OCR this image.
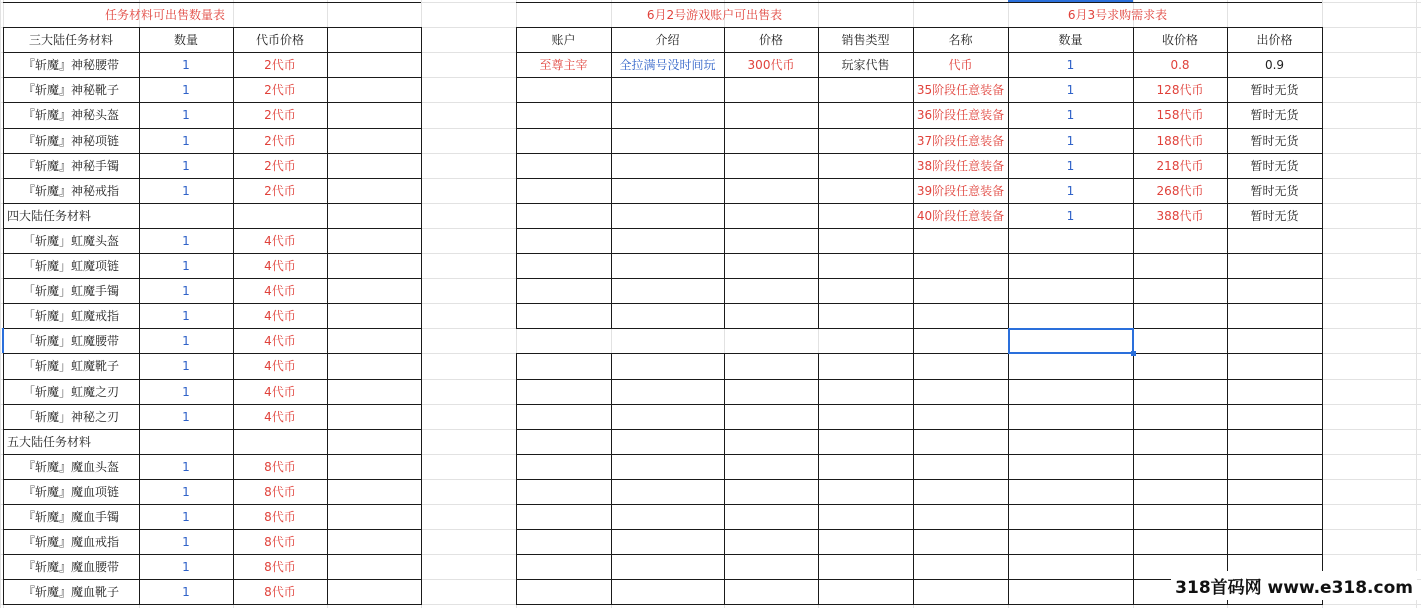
任务材料可出售数量表
三大陆任务材料	数量	代币价格
『斩魔』神秘腰带	1	2代币
『斩魔』神秘靴子	1	2代币
『斩魔』神秘头盔	1	2代币
『斩魔』神秘项链	1	2代币
『斩魔』神秘手镯	1	2代币
『斩魔』神秘戒指	1	2代币
四大陆任务材料
「斩魔」虹魔头盔	1	4代币
「斩魔」虹魔项链	1	4代币
「斩魔」虹魔手镯	1	4代币
「斩魔」虹魔戒指	1	4代币
「斩魔」虹魔腰带	1	4代币
「斩魔」虹魔靴子	1	4代币
「斩魔」虹魔之刃	1	4代币
「斩魔」神秘之刃	1	4代币
五大陆任务材料
『斩魔』魔血头盔	1	8代币
『斩魔』魔血项链	1	8代币
『斩魔』魔血手镯	1	8代币
『斩魔』魔血戒指	1	8代币
『斩魔』魔血腰带	1	8代币
『斩魔』魔血靴子	1	8代币
6月2号游戏账户可出售表
账户	介绍	价格	销售类型
至尊主宰	全拉满号没时间玩	300代币	玩家代售
6月3号求购需求表
名称	数量	收价格	出价格
代币	1	0.8	0.9
35阶段任意装备	1	128代币	暂时无货
36阶段任意装备	1	158代币	暂时无货
37阶段任意装备	1	188代币	暂时无货
38阶段任意装备	1	218代币	暂时无货
39阶段任意装备	1	268代币	暂时无货
40阶段任意装备	1	388代币	暂时无货
318首码网 www.e318.com
